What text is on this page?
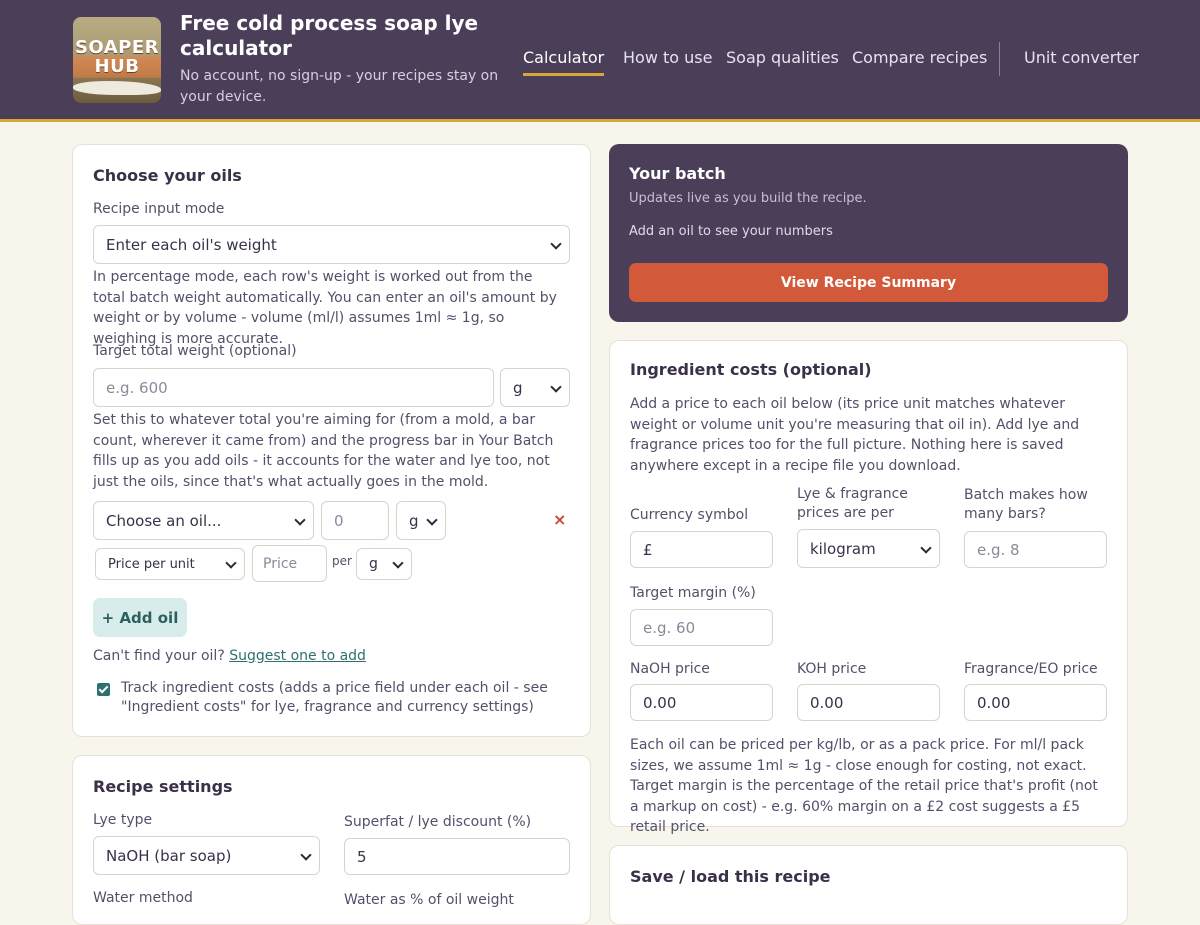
SOAPER
HUB
Free cold process soap lye calculator
No account, no sign-up - your recipes stay on your device.
Calculator How to use Soap qualities Compare recipes Unit converter
Choose your oils
Recipe input mode
Enter each oil's weight
In percentage mode, each row's weight is worked out from the total batch weight automatically. You can enter an oil's amount by weight or by volume - volume (ml/l) assumes 1ml ≈ 1g, so weighing is more accurate.
Target total weight (optional)
e.g. 600	g
Set this to whatever total you're aiming for (from a mold, a bar count, wherever it came from) and the progress bar in Your Batch fills up as you add oils - it accounts for the water and lye too, not just the oils, since that's what actually goes in the mold.
Choose an oil...	0	g	×
Price per unit	Price	per	g
+ Add oil
Can't find your oil? Suggest one to add
Track ingredient costs (adds a price field under each oil - see "Ingredient costs" for lye, fragrance and currency settings)
Recipe settings
Lye type
NaOH (bar soap)
Superfat / lye discount (%)
5
Water method	Water as % of oil weight
Your batch
Updates live as you build the recipe.
Add an oil to see your numbers
View Recipe Summary
Ingredient costs (optional)
Add a price to each oil below (its price unit matches whatever weight or volume unit you're measuring that oil in). Add lye and fragrance prices too for the full picture. Nothing here is saved anywhere except in a recipe file you download.
Currency symbol
£
Lye & fragrance prices are per
kilogram
Batch makes how many bars?
e.g. 8
Target margin (%)
e.g. 60
NaOH price
0.00
KOH price
0.00
Fragrance/EO price
0.00
Each oil can be priced per kg/lb, or as a pack price. For ml/l pack sizes, we assume 1ml ≈ 1g - close enough for costing, not exact. Target margin is the percentage of the retail price that's profit (not a markup on cost) - e.g. 60% margin on a £2 cost suggests a £5 retail price.
Save / load this recipe
